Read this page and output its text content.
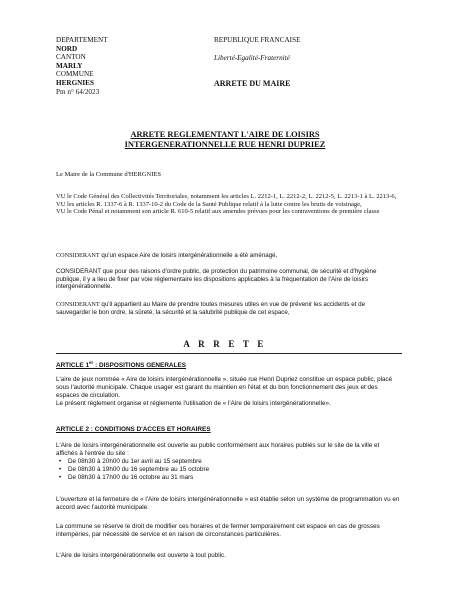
DEPARTEMENT
NORD
CANTON
MARLY
COMMUNE
HERGNIES
Pm n° 64/2023
REPUBLIQUE FRANCAISE
Liberté-Egalité-Fraternité
ARRETE DU MAIRE
ARRETE REGLEMENTANT L'AIRE DE LOISIRS
INTERGENERATIONNELLE RUE HENRI DUPRIEZ

Le Maire de la Commune d'HERGNIES

VU le Code Général des Collectivités Territoriales, notamment les articles L. 2212-1, L. 2212-2, L. 2212-5, L. 2213-1 à L. 2213-6,

VU les articles R. 1337-6 à R. 1337-10-2 du Code de la Santé Publique relatif à la lutte contre les bruits de voisinage,

VU le Code Pénal et notamment son article R. 610-5 relatif aux amendes prévues pour les contraventions de première classe

CONSIDERANT qu'un espace Aire de loisirs intergénérationnelle a été aménagé,

CONSIDERANT que pour des raisons d'ordre public, de protection du patrimoine communal, de sécurité et d'hygiène publique, il y a lieu de fixer par voie réglementaire les dispositions applicables à la fréquentation de l'Aire de loisirs intergénérationnelle.

CONSIDERANT qu'il appartient au Maire de prendre toutes mesures utiles en vue de prévenir les accidents et de sauvegarder le bon ordre, la sûreté, la sécurité et la salubrité publique de cet espace,

A R R E T E
ARTICLE 1er : DISPOSITIONS GENERALES

L'aire de jeux nommée « Aire de loisirs intergénérationnelle », située rue Henri Dupriez constitue un espace public, placé sous l'autorité municipale. Chaque usager est garant du maintien en l'état et du bon fonctionnement des jeux et des espaces de circulation.

Le présent règlement organise et réglemente l'utilisation de « l'Aire de loisirs intergénérationnelle».

ARTICLE 2 : CONDITIONS D'ACCES ET HORAIRES

L'Aire de loisirs intergénérationnelle est ouverte au public conformément aux horaires publiés sur le site de la ville et affichés à l'entrée du site :

• De 08h30 à 20h00 du 1er avril au 15 septembre
• De 08h30 à 19h00 du 16 septembre au 15 octobre
• De 08h30 à 17h00 du 16 octobre au 31 mars

L'ouverture et la fermeture de « l'Aire de loisirs intergénérationnelle » est établie selon un système de programmation vu en accord avec l'autorité municipale.

La commune se réserve le droit de modifier ces horaires et de fermer temporairement cet espace en cas de grosses intempéries, par nécessité de service et en raison de circonstances particulières.

L'Aire de loisirs intergénérationnelle est ouverte à tout public.
